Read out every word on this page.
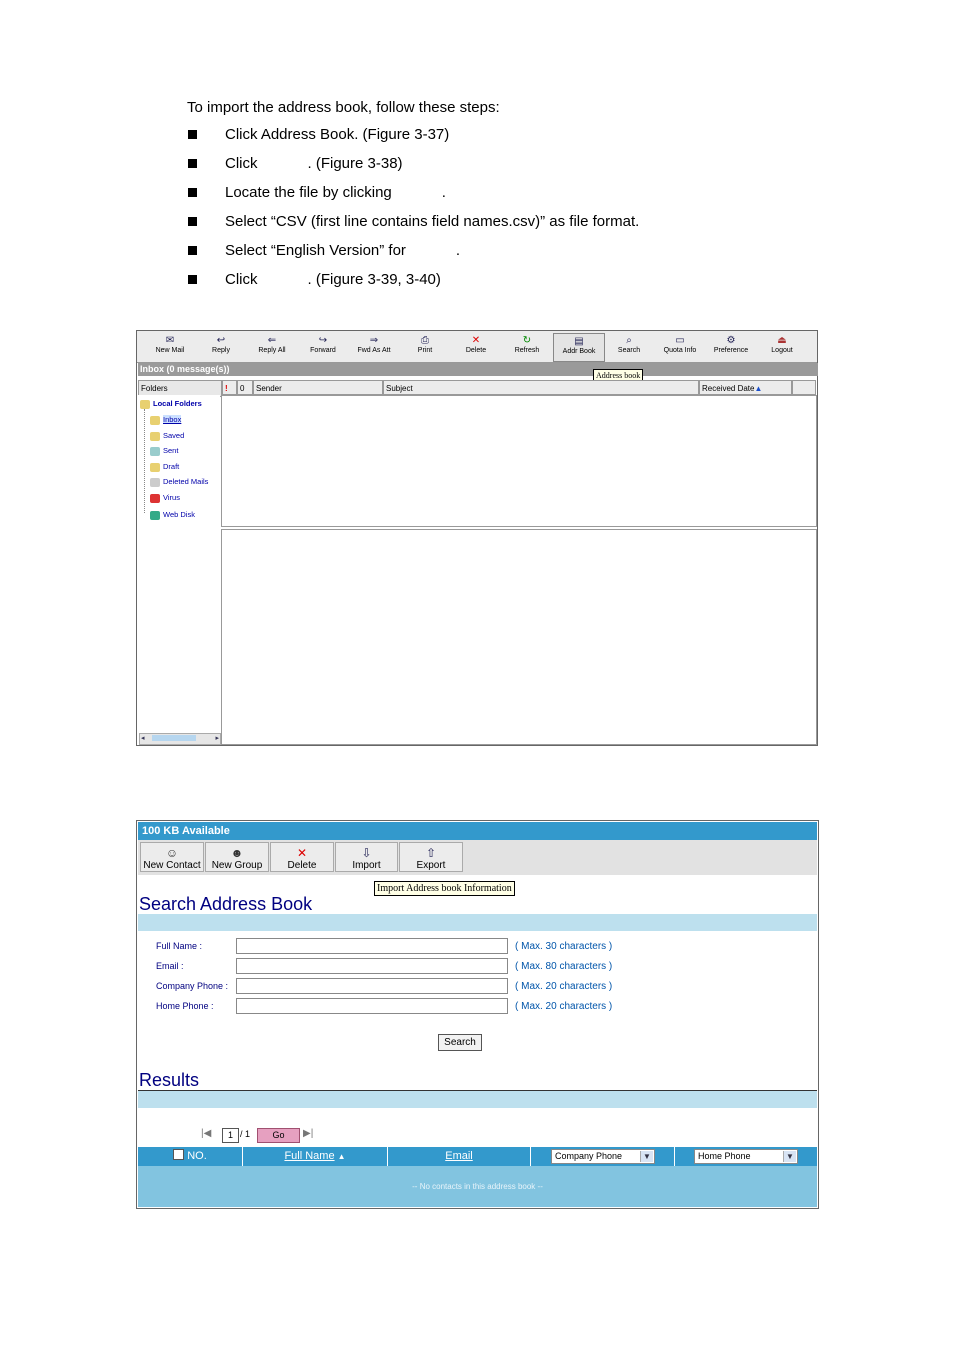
To import the address book, follow these steps:
Click Address Book. (Figure 3-37)
Click            . (Figure 3-38)
Locate the file by clicking            .
Select “CSV (first line contains field names.csv)” as file format.
Select “English Version” for            .
Click            . (Figure 3-39, 3-40)
✉
New Mail
↩
Reply
⇐
Reply All
↪
Forward
⇒
Fwd As Att
⎙
Print
✕
Delete
↻
Refresh
▤
Addr Book
⌕
Search
▭
Quota Info
⚙
Preference
⏏
Logout
Inbox (0 message(s))
Address book
Folders
Local Folders
Inbox
Saved
Sent
Draft
Deleted Mails
Virus
Web Disk
◂	▸
!	0	Sender	Subject	Received Date▲
100 KB Available
☺
New Contact
☻
New Group
✕
Delete
⇩
Import
⇧
Export
Import Address book Information
Search Address Book
Full Name :	( Max. 30 characters )
Email :	( Max. 80 characters )
Company Phone :	( Max. 20 characters )
Home Phone :	( Max. 20 characters )
Search
Results
|◀	1 / 1	Go	▶|
NO.	Full Name ▲	Email	Company Phone	▼	Home Phone	▼
-- No contacts in this address book --
